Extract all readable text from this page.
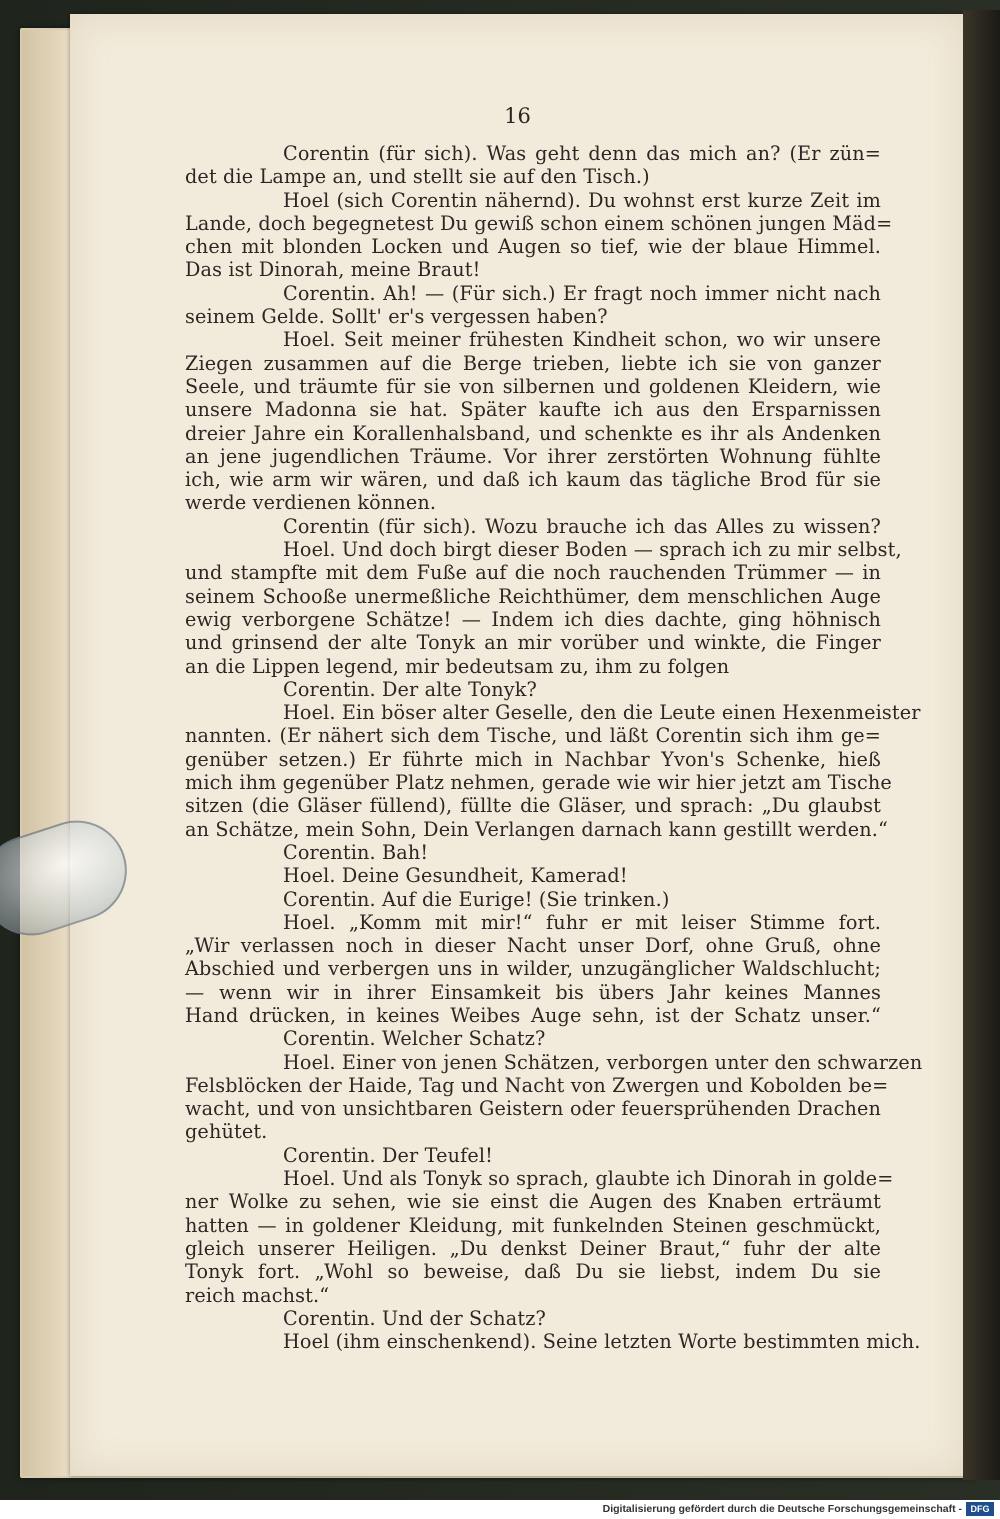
16
Corentin (für sich). Was geht denn das mich an? (Er zün=
det die Lampe an, und stellt sie auf den Tisch.)
Hoel (sich Corentin nähernd). Du wohnst erst kurze Zeit im
Lande, doch begegnetest Du gewiß schon einem schönen jungen Mäd=
chen mit blonden Locken und Augen so tief, wie der blaue Himmel.
Das ist Dinorah, meine Braut!
Corentin. Ah! — (Für sich.) Er fragt noch immer nicht nach
seinem Gelde. Sollt' er's vergessen haben?
Hoel. Seit meiner frühesten Kindheit schon, wo wir unsere
Ziegen zusammen auf die Berge trieben, liebte ich sie von ganzer
Seele, und träumte für sie von silbernen und goldenen Kleidern, wie
unsere Madonna sie hat. Später kaufte ich aus den Ersparnissen
dreier Jahre ein Korallenhalsband, und schenkte es ihr als Andenken
an jene jugendlichen Träume. Vor ihrer zerstörten Wohnung fühlte
ich, wie arm wir wären, und daß ich kaum das tägliche Brod für sie
werde verdienen können.
Corentin (für sich). Wozu brauche ich das Alles zu wissen?
Hoel. Und doch birgt dieser Boden — sprach ich zu mir selbst,
und stampfte mit dem Fuße auf die noch rauchenden Trümmer — in
seinem Schooße unermeßliche Reichthümer, dem menschlichen Auge
ewig verborgene Schätze! — Indem ich dies dachte, ging höhnisch
und grinsend der alte Tonyk an mir vorüber und winkte, die Finger
an die Lippen legend, mir bedeutsam zu, ihm zu folgen
Corentin. Der alte Tonyk?
Hoel. Ein böser alter Geselle, den die Leute einen Hexenmeister
nannten. (Er nähert sich dem Tische, und läßt Corentin sich ihm ge=
genüber setzen.) Er führte mich in Nachbar Yvon's Schenke, hieß
mich ihm gegenüber Platz nehmen, gerade wie wir hier jetzt am Tische
sitzen (die Gläser füllend), füllte die Gläser, und sprach: „Du glaubst
an Schätze, mein Sohn, Dein Verlangen darnach kann gestillt werden.“
Corentin. Bah!
Hoel. Deine Gesundheit, Kamerad!
Corentin. Auf die Eurige! (Sie trinken.)
Hoel. „Komm mit mir!“ fuhr er mit leiser Stimme fort.
„Wir verlassen noch in dieser Nacht unser Dorf, ohne Gruß, ohne
Abschied und verbergen uns in wilder, unzugänglicher Waldschlucht;
— wenn wir in ihrer Einsamkeit bis übers Jahr keines Mannes
Hand drücken, in keines Weibes Auge sehn, ist der Schatz unser.“
Corentin. Welcher Schatz?
Hoel. Einer von jenen Schätzen, verborgen unter den schwarzen
Felsblöcken der Haide, Tag und Nacht von Zwergen und Kobolden be=
wacht, und von unsichtbaren Geistern oder feuersprühenden Drachen
gehütet.
Corentin. Der Teufel!
Hoel. Und als Tonyk so sprach, glaubte ich Dinorah in golde=
ner Wolke zu sehen, wie sie einst die Augen des Knaben erträumt
hatten — in goldener Kleidung, mit funkelnden Steinen geschmückt,
gleich unserer Heiligen. „Du denkst Deiner Braut,“ fuhr der alte
Tonyk fort. „Wohl so beweise, daß Du sie liebst, indem Du sie
reich machst.“
Corentin. Und der Schatz?
Hoel (ihm einschenkend). Seine letzten Worte bestimmten mich.
Digitalisierung gefördert durch die Deutsche Forschungsgemeinschaft - DFG
